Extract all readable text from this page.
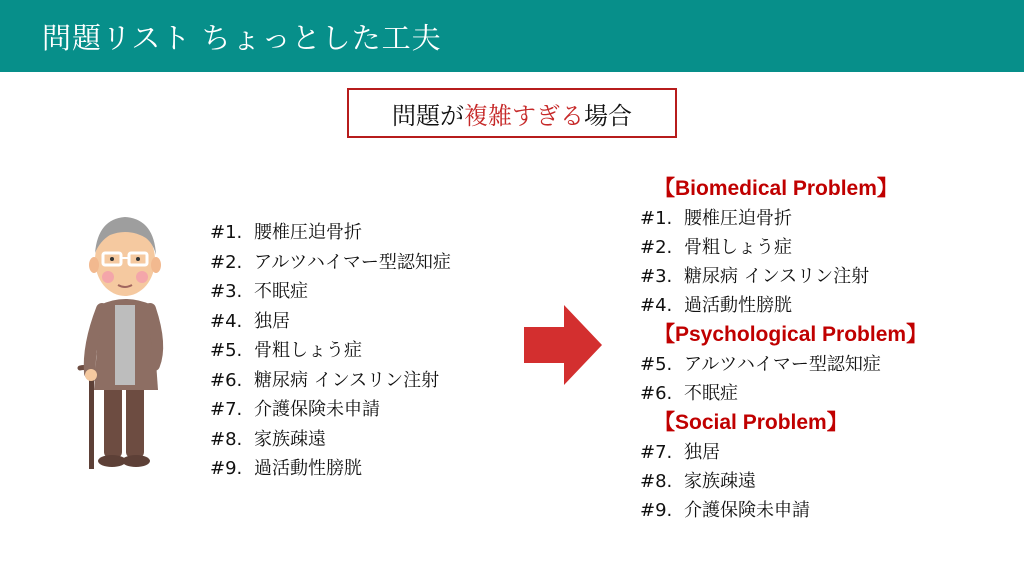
問題リスト ちょっとした工夫
問題が 複雑すぎる 場合
#1. 腰椎圧迫骨折
#2. アルツハイマー型認知症
#3. 不眠症
#4. 独居
#5. 骨粗しょう症
#6. 糖尿病 インスリン注射
#7. 介護保険未申請
#8. 家族疎遠
#9. 過活動性膀胱
【Biomedical Problem】
#1. 腰椎圧迫骨折
#2. 骨粗しょう症
#3. 糖尿病 インスリン注射
#4. 過活動性膀胱
【Psychological Problem】
#5. アルツハイマー型認知症
#6. 不眠症
【Social Problem】
#7. 独居
#8. 家族疎遠
#9. 介護保険未申請
